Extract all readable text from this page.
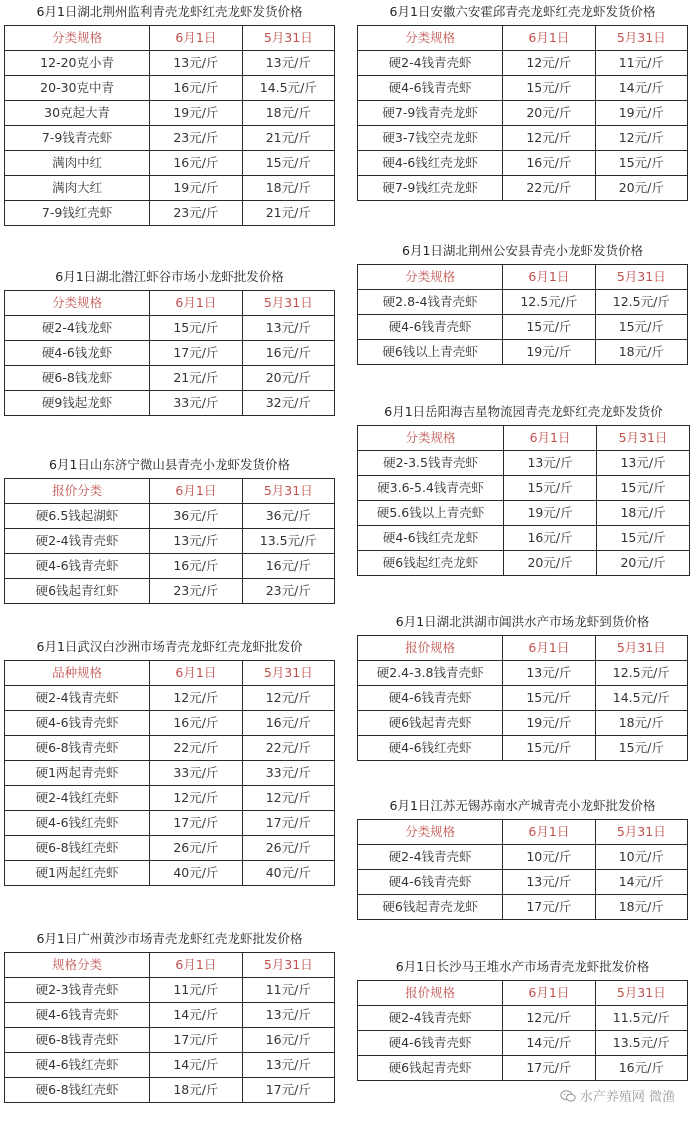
6月1日湖北荆州监利青壳龙虾红壳龙虾发货价格
分类规格	6月1日	5月31日
12-20克小青	13元/斤	13元/斤
20-30克中青	16元/斤	14.5元/斤
30克起大青	19元/斤	18元/斤
7-9钱青壳虾	23元/斤	21元/斤
满肉中红	16元/斤	15元/斤
满肉大红	19元/斤	18元/斤
7-9钱红壳虾	23元/斤	21元/斤
6月1日湖北潜江虾谷市场小龙虾批发价格
分类规格	6月1日	5月31日
硬2-4钱龙虾	15元/斤	13元/斤
硬4-6钱龙虾	17元/斤	16元/斤
硬6-8钱龙虾	21元/斤	20元/斤
硬9钱起龙虾	33元/斤	32元/斤
6月1日山东济宁微山县青壳小龙虾发货价格
报价分类	6月1日	5月31日
硬6.5钱起湖虾	36元/斤	36元/斤
硬2-4钱青壳虾	13元/斤	13.5元/斤
硬4-6钱青壳虾	16元/斤	16元/斤
硬6钱起青红虾	23元/斤	23元/斤
6月1日武汉白沙洲市场青壳龙虾红壳龙虾批发价
品种规格	6月1日	5月31日
硬2-4钱青壳虾	12元/斤	12元/斤
硬4-6钱青壳虾	16元/斤	16元/斤
硬6-8钱青壳虾	22元/斤	22元/斤
硬1两起青壳虾	33元/斤	33元/斤
硬2-4钱红壳虾	12元/斤	12元/斤
硬4-6钱红壳虾	17元/斤	17元/斤
硬6-8钱红壳虾	26元/斤	26元/斤
硬1两起红壳虾	40元/斤	40元/斤
6月1日广州黄沙市场青壳龙虾红壳龙虾批发价格
规格分类	6月1日	5月31日
硬2-3钱青壳虾	11元/斤	11元/斤
硬4-6钱青壳虾	14元/斤	13元/斤
硬6-8钱青壳虾	17元/斤	16元/斤
硬4-6钱红壳虾	14元/斤	13元/斤
硬6-8钱红壳虾	18元/斤	17元/斤
6月1日安徽六安霍邱青壳龙虾红壳龙虾发货价格
分类规格	6月1日	5月31日
硬2-4钱青壳虾	12元/斤	11元/斤
硬4-6钱青壳虾	15元/斤	14元/斤
硬7-9钱青壳龙虾	20元/斤	19元/斤
硬3-7钱空壳龙虾	12元/斤	12元/斤
硬4-6钱红壳龙虾	16元/斤	15元/斤
硬7-9钱红壳龙虾	22元/斤	20元/斤
6月1日湖北荆州公安县青壳小龙虾发货价格
分类规格	6月1日	5月31日
硬2.8-4钱青壳虾	12.5元/斤	12.5元/斤
硬4-6钱青壳虾	15元/斤	15元/斤
硬6钱以上青壳虾	19元/斤	18元/斤
6月1日岳阳海吉星物流园青壳龙虾红壳龙虾发货价
分类规格	6月1日	5月31日
硬2-3.5钱青壳虾	13元/斤	13元/斤
硬3.6-5.4钱青壳虾	15元/斤	15元/斤
硬5.6钱以上青壳虾	19元/斤	18元/斤
硬4-6钱红壳龙虾	16元/斤	15元/斤
硬6钱起红壳龙虾	20元/斤	20元/斤
6月1日湖北洪湖市阊洪水产市场龙虾到货价格
报价规格	6月1日	5月31日
硬2.4-3.8钱青壳虾	13元/斤	12.5元/斤
硬4-6钱青壳虾	15元/斤	14.5元/斤
硬6钱起青壳虾	19元/斤	18元/斤
硬4-6钱红壳虾	15元/斤	15元/斤
6月1日江苏无锡苏南水产城青壳小龙虾批发价格
分类规格	6月1日	5月31日
硬2-4钱青壳虾	10元/斤	10元/斤
硬4-6钱青壳虾	13元/斤	14元/斤
硬6钱起青壳龙虾	17元/斤	18元/斤
6月1日长沙马王堆水产市场青壳龙虾批发价格
报价规格	6月1日	5月31日
硬2-4钱青壳虾	12元/斤	11.5元/斤
硬4-6钱青壳虾	14元/斤	13.5元/斤
硬6钱起青壳虾	17元/斤	16元/斤
水产养殖网 微渔
